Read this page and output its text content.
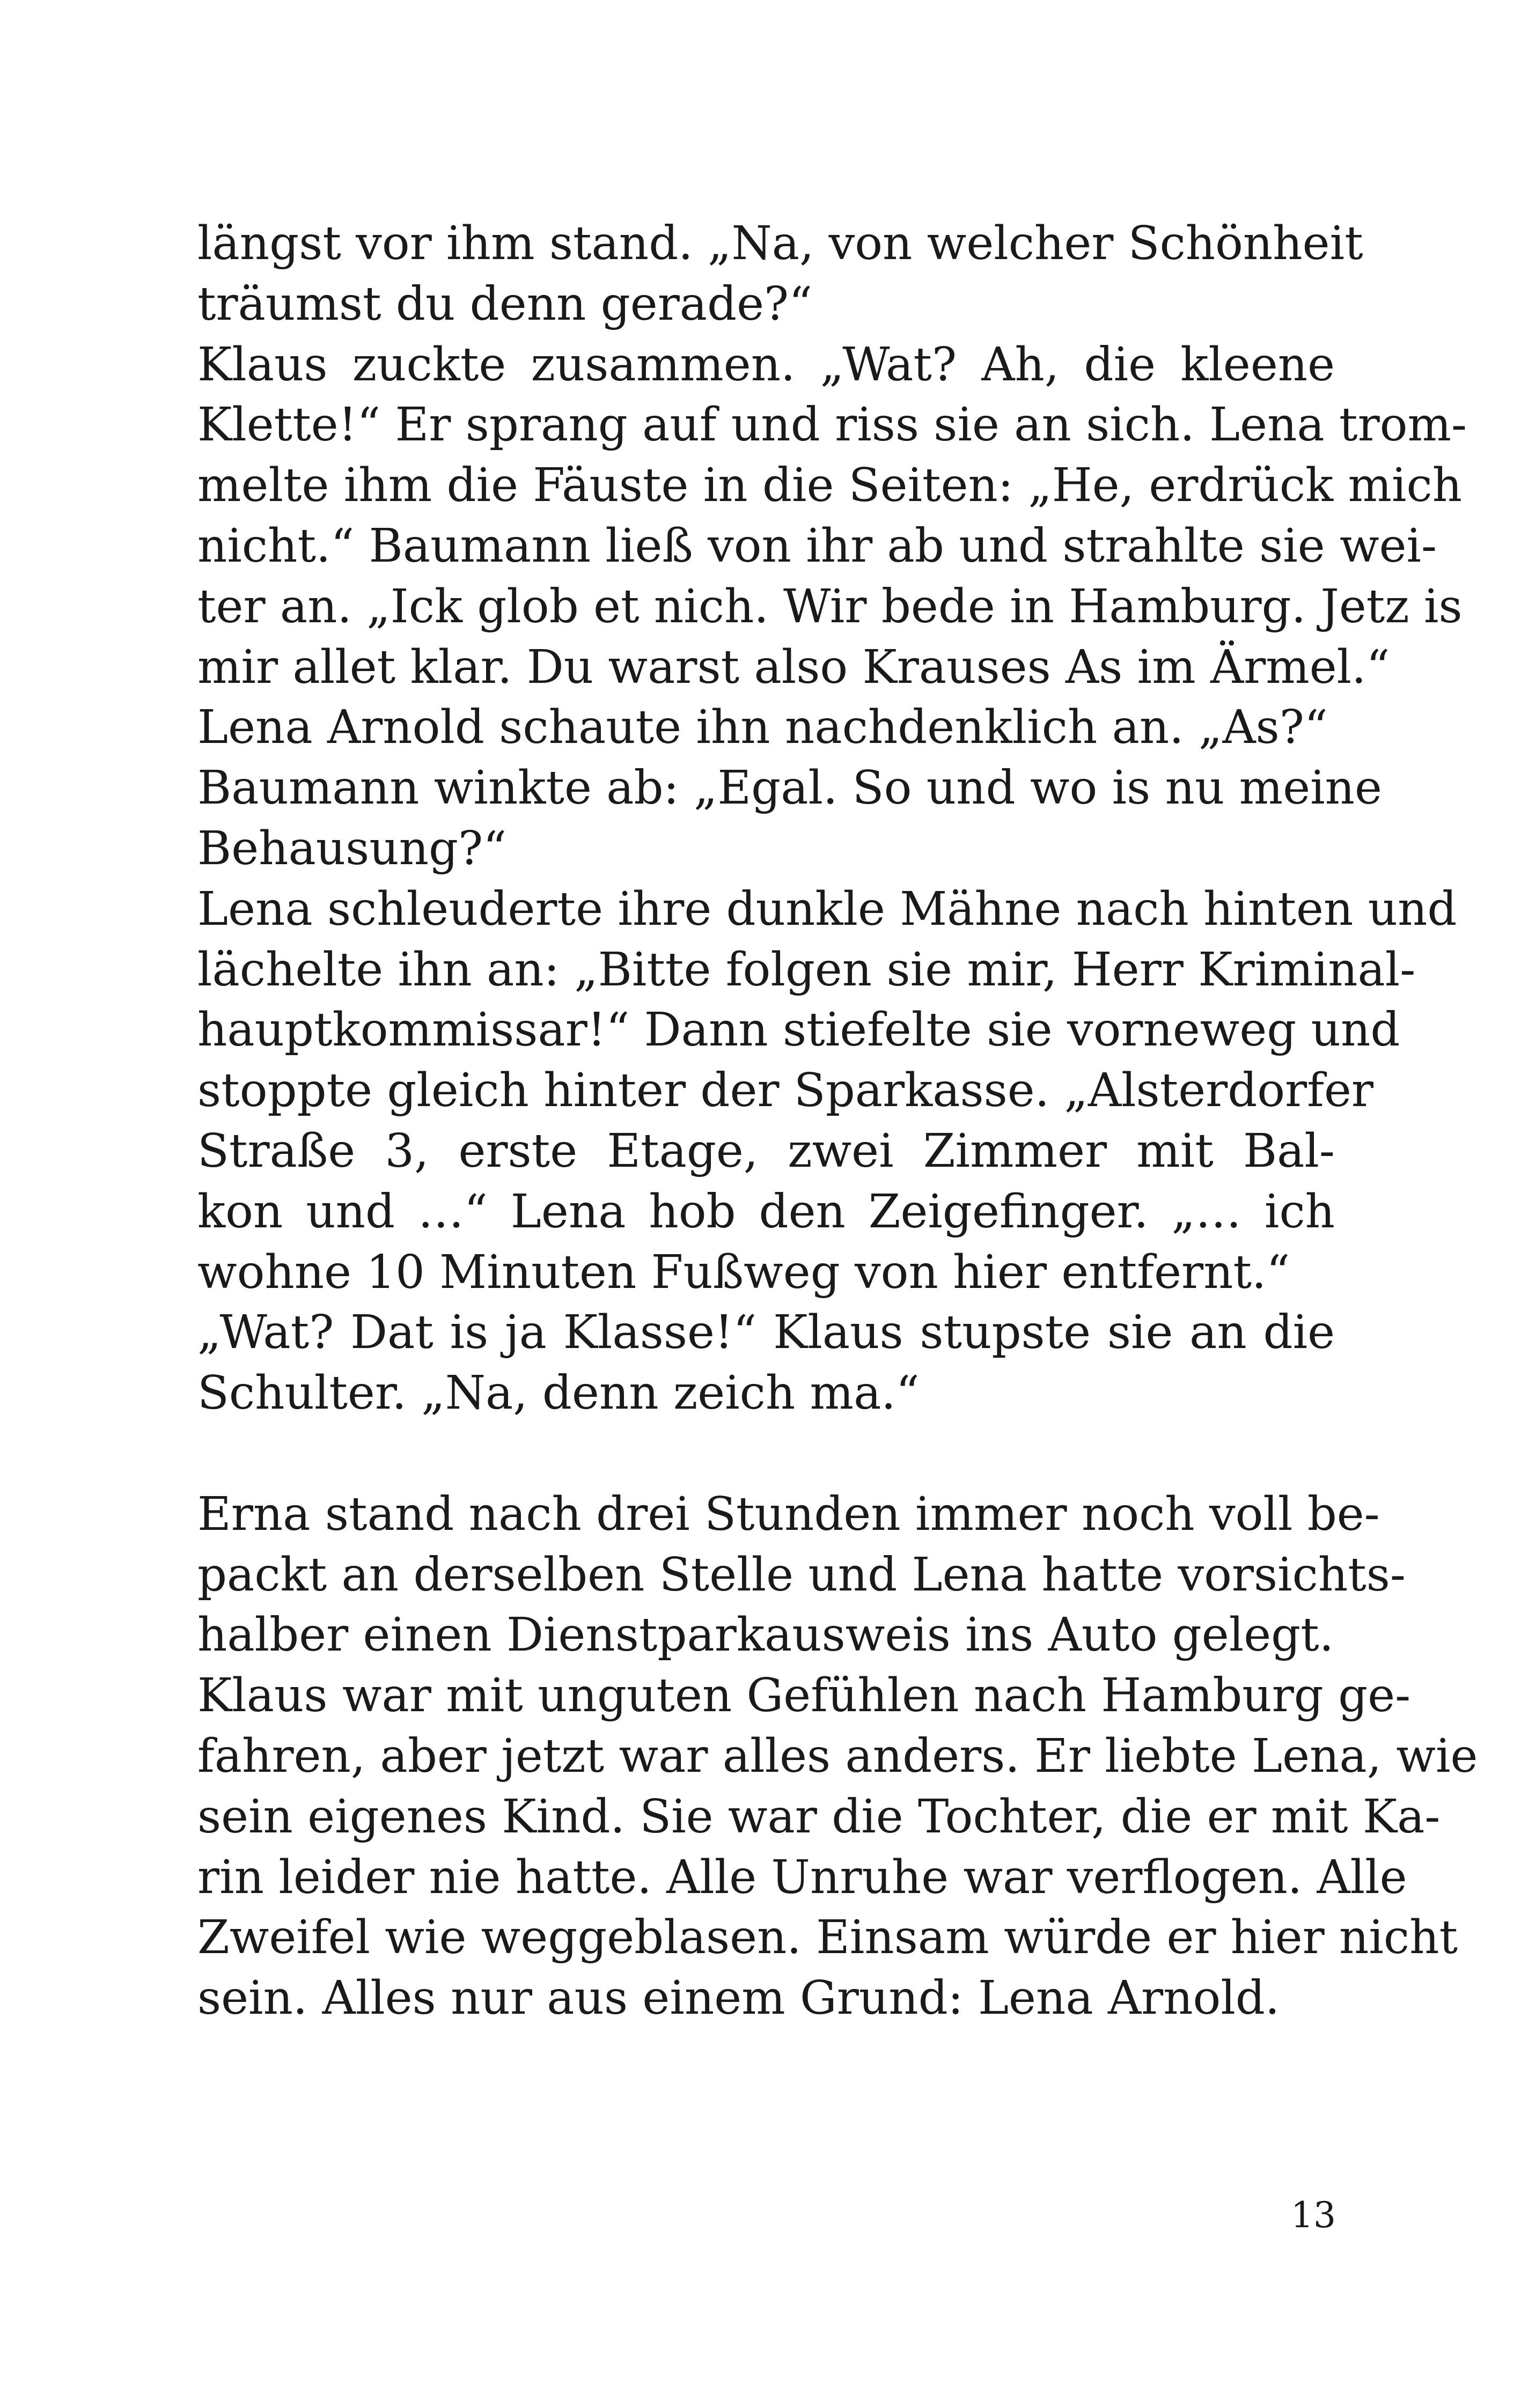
längst vor ihm stand. „Na, von welcher Schönheit
träumst du denn gerade?“
Klaus zuckte zusammen. „Wat? Ah, die kleene
Klette!“ Er sprang auf und riss sie an sich. Lena trom-
melte ihm die Fäuste in die Seiten: „He, erdrück mich
nicht.“ Baumann ließ von ihr ab und strahlte sie wei-
ter an. „Ick glob et nich. Wir bede in Hamburg. Jetz is
mir allet klar. Du warst also Krauses As im Ärmel.“
Lena Arnold schaute ihn nachdenklich an. „As?“
Baumann winkte ab: „Egal. So und wo is nu meine
Behausung?“
Lena schleuderte ihre dunkle Mähne nach hinten und
lächelte ihn an: „Bitte folgen sie mir, Herr Kriminal-
hauptkommissar!“ Dann stiefelte sie vorneweg und
stoppte gleich hinter der Sparkasse. „Alsterdorfer
Straße 3, erste Etage, zwei Zimmer mit Bal-
kon und …“ Lena hob den Zeigefinger. „… ich
wohne 10 Minuten Fußweg von hier entfernt.“
„Wat? Dat is ja Klasse!“ Klaus stupste sie an die
Schulter. „Na, denn zeich ma.“
Erna stand nach drei Stunden immer noch voll be-
packt an derselben Stelle und Lena hatte vorsichts-
halber einen Dienstparkausweis ins Auto gelegt.
Klaus war mit unguten Gefühlen nach Hamburg ge-
fahren, aber jetzt war alles anders. Er liebte Lena, wie
sein eigenes Kind. Sie war die Tochter, die er mit Ka-
rin leider nie hatte. Alle Unruhe war verflogen. Alle
Zweifel wie weggeblasen. Einsam würde er hier nicht
sein. Alles nur aus einem Grund: Lena Arnold.
13
